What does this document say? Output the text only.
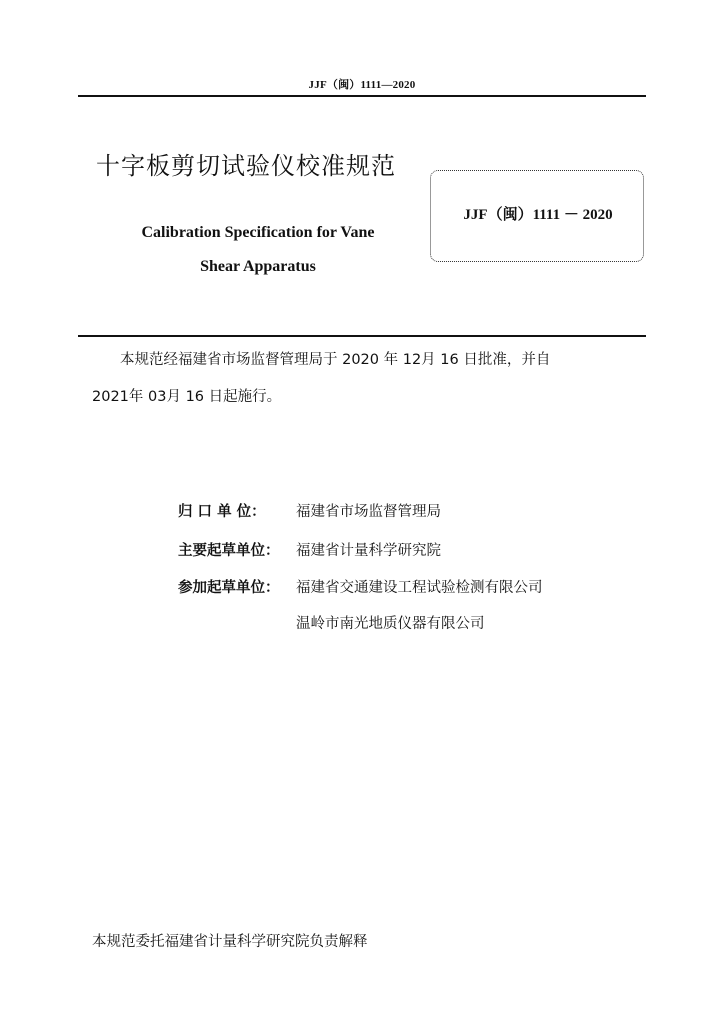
JJF（闽）1111—2020
十字板剪切试验仪校准规范
Calibration Specification for Vane
Shear Apparatus
JJF（闽）1111 － 2020
本规范经福建省市场监督管理局于 2020 年 12月 16 日批准，并自
2021年 03月 16 日起施行。
归 口 单 位： 福建省市场监督管理局
主要起草单位： 福建省计量科学研究院
参加起草单位： 福建省交通建设工程试验检测有限公司
温岭市南光地质仪器有限公司
本规范委托福建省计量科学研究院负责解释
